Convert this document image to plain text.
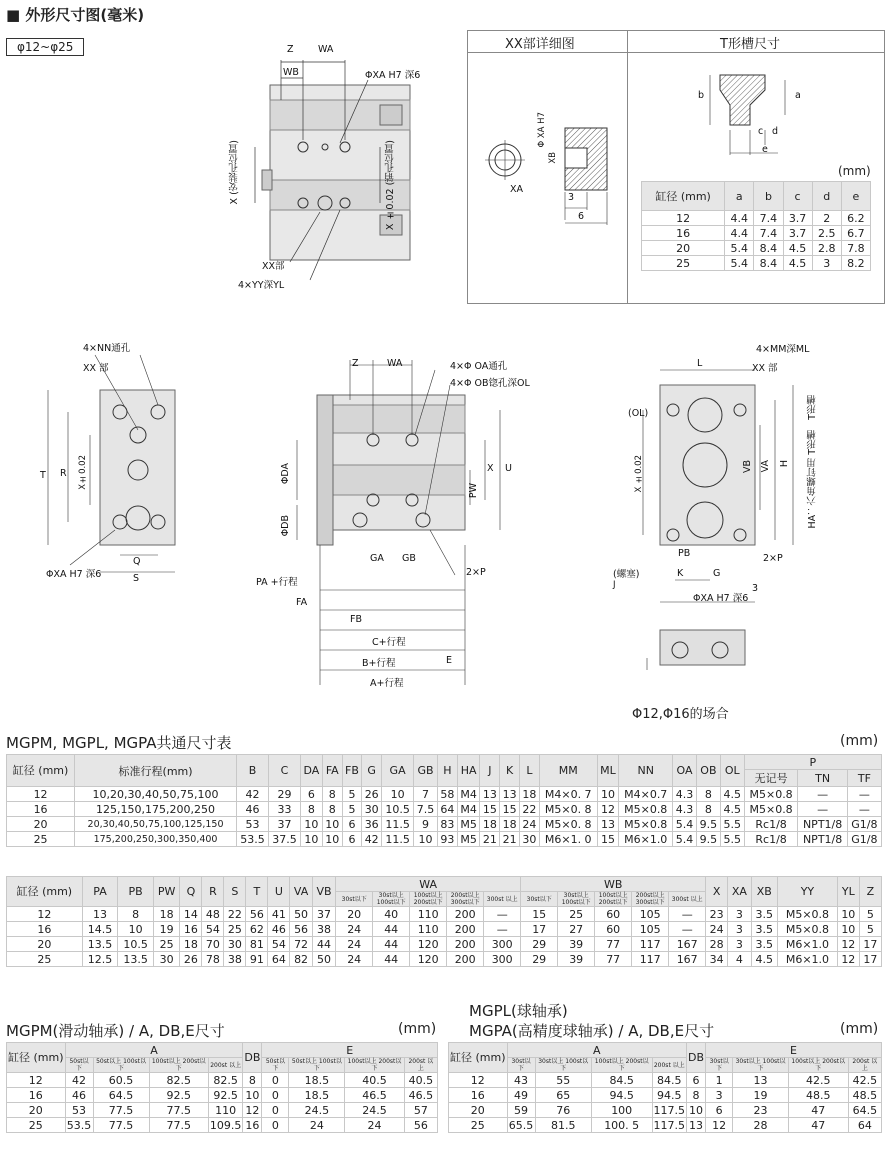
■ 外形尺寸图(毫米)
φ12~φ25	Z	WA
WB	ΦXA H7 深6
X (安装孔位置)	X ±0.02 (销孔位置)
XX部
4×YY深YL
XX部详细图	T形槽尺寸
Φ XA H7
XB
XA
3
6
b	a
c d
e
(mm)
缸径 (mm)	a	b	c	d	e
12	4.4	7.4	3.7	2	6.2
16	4.4	7.4	3.7	2.5	6.7
20	5.4	8.4	4.5	2.8	7.8
25	5.4	8.4	4.5	3	8.2
4×NN通孔
XX 部
T R X±0.02
Q
S
ΦXA H7 深6
Z	WA	4×Φ OA通孔
4×Φ OB锪孔深OL
ΦDA
ΦDB
X U
PW
GA GB
2×P
PA +行程
FA
FB
C+行程
B+行程	E
A+行程
4×MM深ML
L	XX 部
(OL)
X ±0.02	VB VA H
T形槽
HA：六角螺钉用 T形槽
PB	2×P
(螺塞)
J
K	G
ΦXA H7 深6
3
Φ12,Φ16的场合
MGPM, MGPL, MGPA共通尺寸表	(mm)
缸径 (mm)	标准行程(mm)	B	C	DA	FA	FB	G	GA	GB	H	HA	J	K	L	MM	ML	NN	OA	OB	OL	P		
																					无记号	TN	TF
12	10,20,30,40,50,75,100	42	29	6	8	5	26	10	7	58	M4	13	13	18	M4×0. 7	10	M4×0.7	4.3	8	4.5	M5×0.8	—	—
16	125,150,175,200,250	46	33	8	8	5	30	10.5	7.5	64	M4	15	15	22	M5×0. 8	12	M5×0.8	4.3	8	4.5	M5×0.8	—	—
20	20,30,40,50,75,100,125,150	53	37	10	10	6	36	11.5	9	83	M5	18	18	24	M5×0. 8	13	M5×0.8	5.4	9.5	5.5	Rc1/8	NPT1/8	G1/8
25	175,200,250,300,350,400	53.5	37.5	10	10	6	42	11.5	10	93	M5	21	21	30	M6×1. 0	15	M6×1.0	5.4	9.5	5.5	Rc1/8	NPT1/8	G1/8
缸径 (mm)	PA	PB	PW	Q	R	S	T	U	VA	VB	WA					WB					X	XA	XB	YY	YL	Z
											30st以下	30st以上 100st以下	100st以上 200st以下	200st以上 300st以下	300st 以上	30st以下	30st以上 100st以下	100st以上 200st以下	200st以上 300st以下	300st 以上						
12	13	8	18	14	48	22	56	41	50	37	20	40	110	200	—	15	25	60	105	—	23	3	3.5	M5×0.8	10	5
16	14.5	10	19	16	54	25	62	46	56	38	24	44	110	200	—	17	27	60	105	—	24	3	3.5	M5×0.8	10	5
20	13.5	10.5	25	18	70	30	81	54	72	44	24	44	120	200	300	29	39	77	117	167	28	3	3.5	M6×1.0	12	17
25	12.5	13.5	30	26	78	38	91	64	82	50	24	44	120	200	300	29	39	77	117	167	34	4	4.5	M6×1.0	12	17
MGPL(球轴承)
MGPM(滑动轴承) / A, DB,E尺寸	(mm) MGPA(高精度球轴承) / A, DB,E尺寸	(mm)
缸径 (mm)	A				DB	E			
	50st以下	50st以上 100st以下	100st以上 200st以下	200st 以上		50st以下	50st以上 100st以下	100st以上 200st以下	200st 以上
12	42	60.5	82.5	82.5	8	0	18.5	40.5	40.5
16	46	64.5	92.5	92.5	10	0	18.5	46.5	46.5
20	53	77.5	77.5	110	12	0	24.5	24.5	57
25	53.5	77.5	77.5	109.5	16	0	24	24	56
缸径 (mm)	A				DB	E			
	30st以下	30st以上 100st以下	100st以上 200st以下	200st 以上		30st以下	30st以上 100st以下	100st以上 200st以下	200st 以上
12	43	55	84.5	84.5	6	1	13	42.5	42.5
16	49	65	94.5	94.5	8	3	19	48.5	48.5
20	59	76	100	117.5	10	6	23	47	64.5
25	65.5	81.5	100. 5	117.5	13	12	28	47	64
